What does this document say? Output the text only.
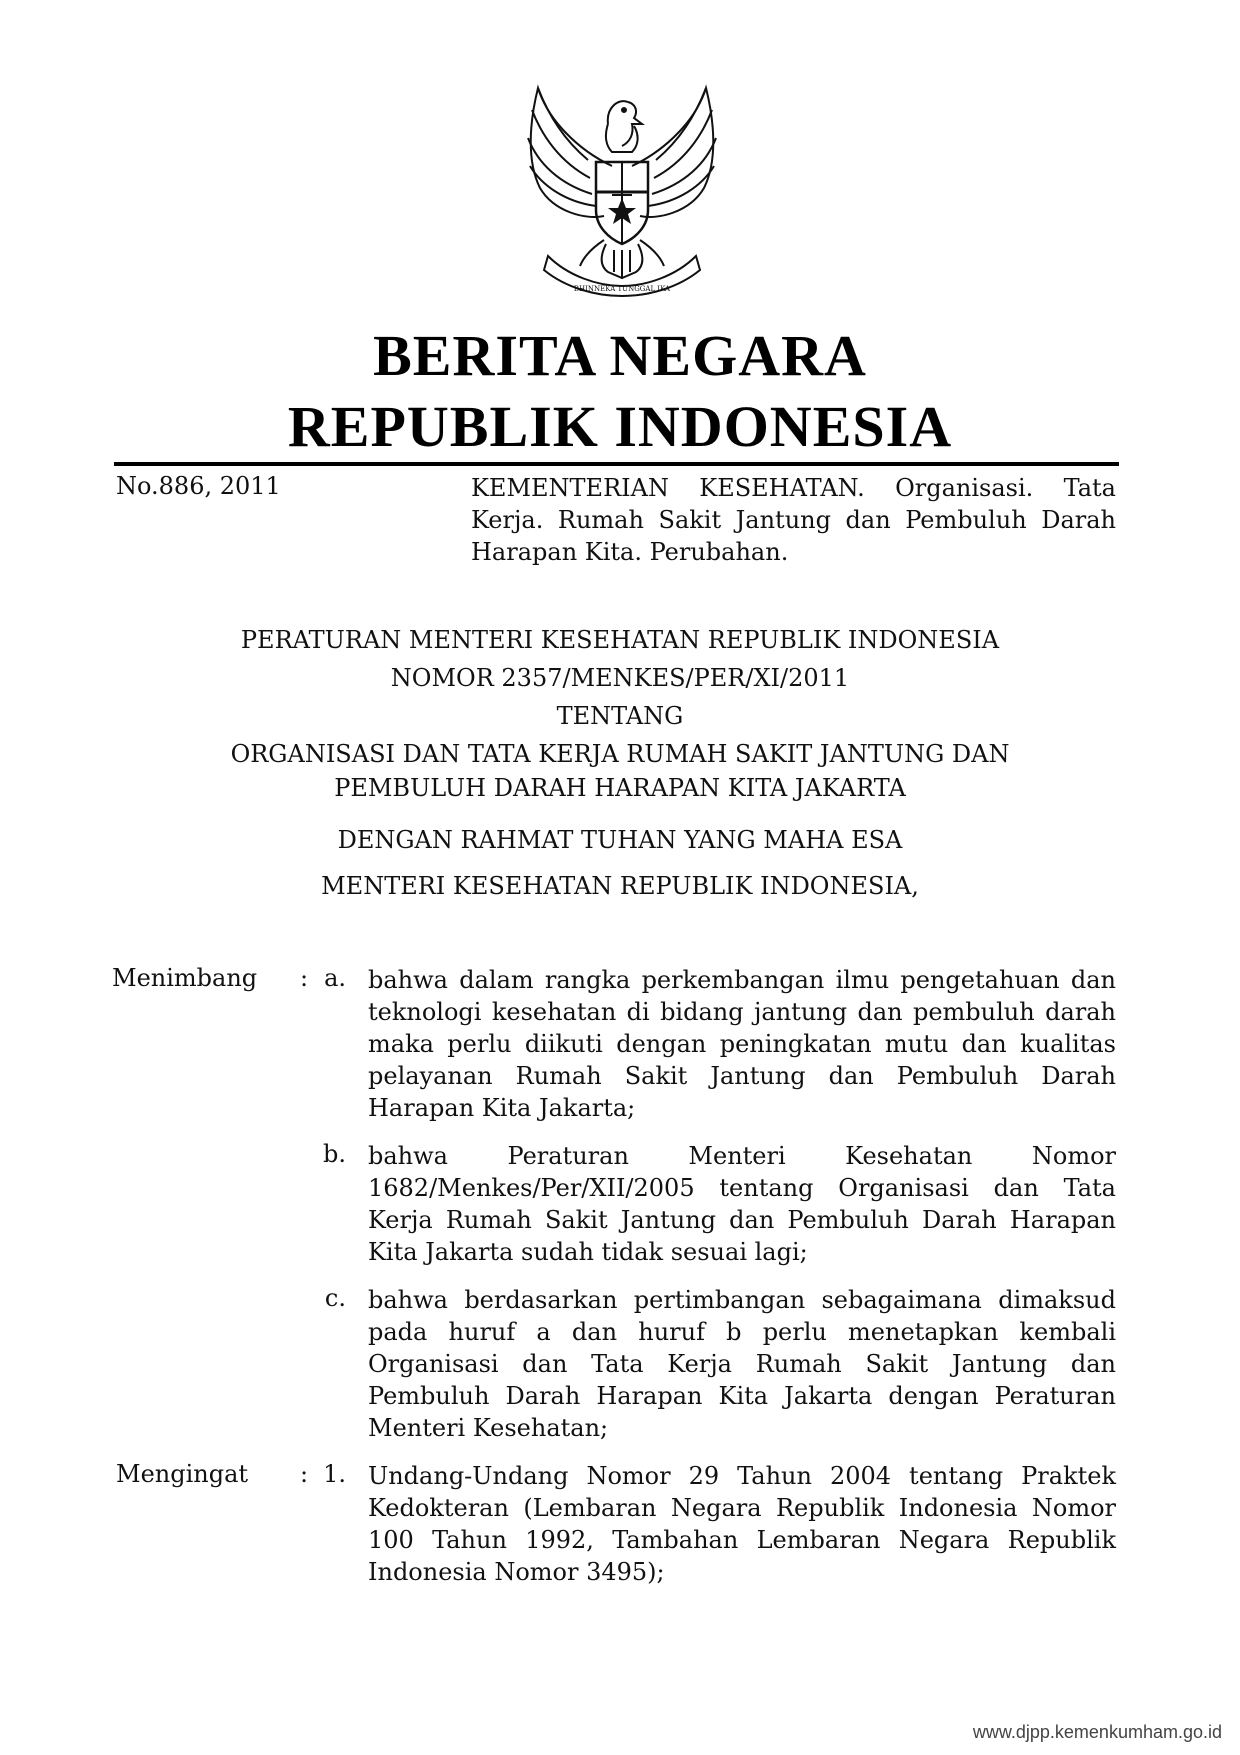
BHINNEKA TUNGGAL IKA
BERITA NEGARA
REPUBLIK INDONESIA
No.886, 2011	KEMENTERIAN KESEHATAN. Organisasi. Tata Kerja. Rumah Sakit Jantung dan Pembuluh Darah Harapan Kita. Perubahan.
PERATURAN MENTERI KESEHATAN REPUBLIK INDONESIA
NOMOR 2357/MENKES/PER/XI/2011
TENTANG
ORGANISASI DAN TATA KERJA RUMAH SAKIT JANTUNG DAN
PEMBULUH DARAH HARAPAN KITA JAKARTA
DENGAN RAHMAT TUHAN YANG MAHA ESA
MENTERI KESEHATAN REPUBLIK INDONESIA,
Menimbang : a. bahwa dalam rangka perkembangan ilmu pengetahuan dan teknologi kesehatan di bidang jantung dan pembuluh darah maka perlu diikuti dengan peningkatan mutu dan kualitas pelayanan Rumah Sakit Jantung dan Pembuluh Darah Harapan Kita Jakarta;
b. bahwa Peraturan Menteri Kesehatan Nomor 1682/Menkes/Per/XII/2005 tentang Organisasi dan Tata Kerja Rumah Sakit Jantung dan Pembuluh Darah Harapan Kita Jakarta sudah tidak sesuai lagi;
c. bahwa berdasarkan pertimbangan sebagaimana dimaksud pada huruf a dan huruf b perlu menetapkan kembali Organisasi dan Tata Kerja Rumah Sakit Jantung dan Pembuluh Darah Harapan Kita Jakarta dengan Peraturan Menteri Kesehatan;
Mengingat : 1. Undang-Undang Nomor 29 Tahun 2004 tentang Praktek Kedokteran (Lembaran Negara Republik Indonesia Nomor 100 Tahun 1992, Tambahan Lembaran Negara Republik Indonesia Nomor 3495);
www.djpp.kemenkumham.go.id
